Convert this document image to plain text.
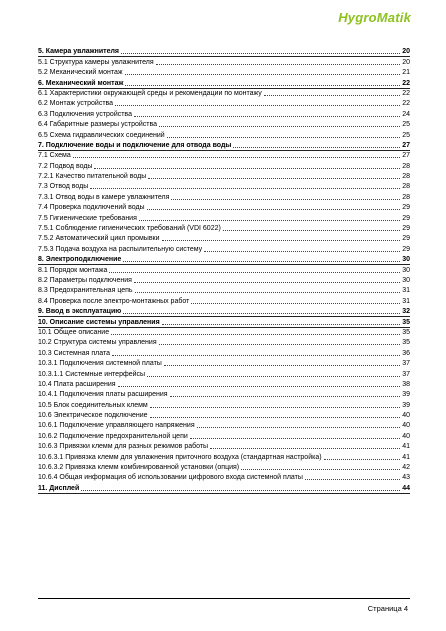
HygroMatik
5. Камера увлажнителя	20
5.1 Структура камеры увлажнителя	20
5.2 Механический монтаж	21
6. Механический монтаж	22
6.1 Характеристики окружающей среды и рекомендации по монтажу	22
6.2 Монтаж устройства	22
6.3 Подключения устройства	24
6.4 Габаритные размеры устройства	25
6.5 Схема гидравлических соединений	25
7. Подключение воды и подключение для отвода воды	27
7.1 Схема	27
7.2 Подвод воды	28
7.2.1 Качество питательной воды	28
7.3 Отвод воды	28
7.3.1 Отвод воды в камере увлажнителя	28
7.4 Проверка подключений воды	29
7.5 Гигиенические требования	29
7.5.1 Соблюдение гигиенических требований (VDI 6022)	29
7.5.2 Автоматический цикл промывки	29
7.5.3 Подача воздуха на распылительную систему	29
8. Электроподключение	30
8.1 Порядок монтажа	30
8.2 Параметры подключения	30
8.3 Предохранительная цепь	31
8.4 Проверка после электро-монтажных работ	31
9. Ввод в эксплуатацию	32
10. Описание системы управления	35
10.1 Общее описание	35
10.2 Структура системы управления	35
10.3 Системная плата	36
10.3.1 Подключения системной платы	37
10.3.1.1 Системные интерфейсы	37
10.4 Плата расширения	38
10.4.1 Подключения платы расширения	39
10.5 Блок соединительных клемм	39
10.6 Электрическое подключение	40
10.6.1 Подключение управляющего напряжения	40
10.6.2 Подключение предохранительной цепи	40
10.6.3 Привязки клемм для разных режимов работы	41
10.6.3.1 Привязка клемм для увлажнения приточного воздуха (стандартная настройка)	41
10.6.3.2 Привязка клемм комбинированной установки (опция)	42
10.6.4 Общая информация об использовании цифрового входа системной платы	43
11. Дисплей	44
Страница 4
